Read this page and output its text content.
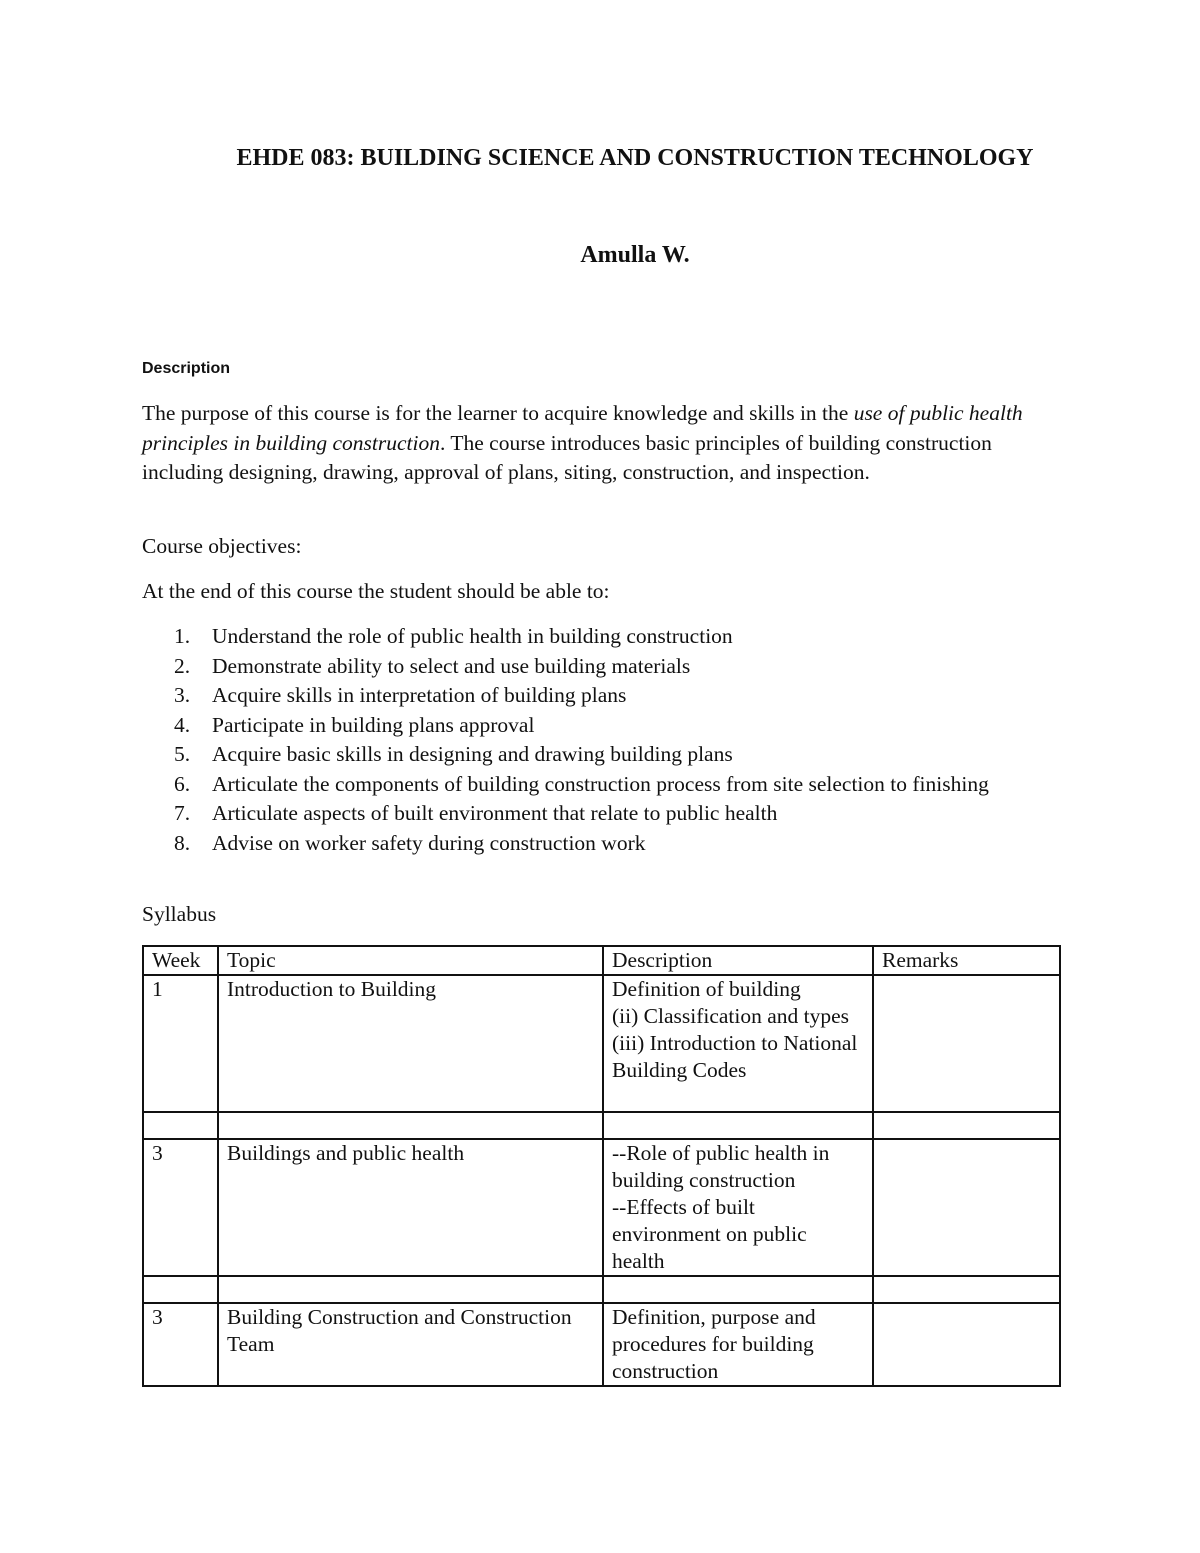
EHDE 083: BUILDING SCIENCE AND CONSTRUCTION TECHNOLOGY
Amulla W.
Description

The purpose of this course is for the learner to acquire knowledge and skills in the use of public health principles in building construction. The course introduces basic principles of building construction including designing, drawing, approval of plans, siting, construction, and inspection.

Course objectives:

At the end of this course the student should be able to:

1. Understand the role of public health in building construction
2. Demonstrate ability to select and use building materials
3. Acquire skills in interpretation of building plans
4. Participate in building plans approval
5. Acquire basic skills in designing and drawing building plans
6. Articulate the components of building construction process from site selection to finishing
7. Articulate aspects of built environment that relate to public health
8. Advise on worker safety during construction work

Syllabus

Week	Topic	Description	Remarks
1	Introduction to Building	Definition of building
(ii) Classification and types
(iii) Introduction to National Building Codes	

3	Buildings and public health	--Role of public health in building construction
--Effects of built environment on public health	

3	Building Construction and Construction Team	Definition, purpose and procedures for building construction	
